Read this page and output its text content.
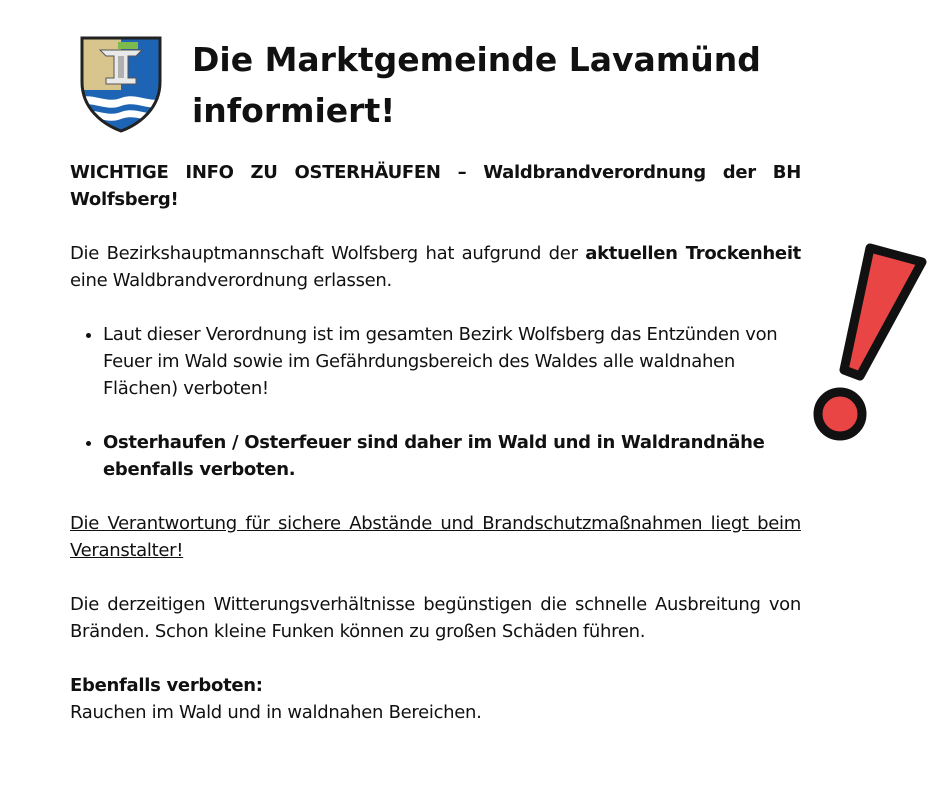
Die Marktgemeinde Lavamünd
informiert!

WICHTIGE INFO ZU OSTERHÄUFEN – Waldbrandverordnung der BH Wolfsberg!

Die Bezirkshauptmannschaft Wolfsberg hat aufgrund der aktuellen Trockenheit eine Waldbrandverordnung erlassen.

• Laut dieser Verordnung ist im gesamten Bezirk Wolfsberg das Entzünden von Feuer im Wald sowie im Gefährdungsbereich des Waldes alle waldnahen Flächen) verboten!
• Osterhaufen / Osterfeuer sind daher im Wald und in Waldrandnähe ebenfalls verboten.

Die Verantwortung für sichere Abstände und Brandschutzmaßnahmen liegt beim Veranstalter!

Die derzeitigen Witterungsverhältnisse begünstigen die schnelle Ausbreitung von Bränden. Schon kleine Funken können zu großen Schäden führen.

Ebenfalls verboten:

Rauchen im Wald und in waldnahen Bereichen.
